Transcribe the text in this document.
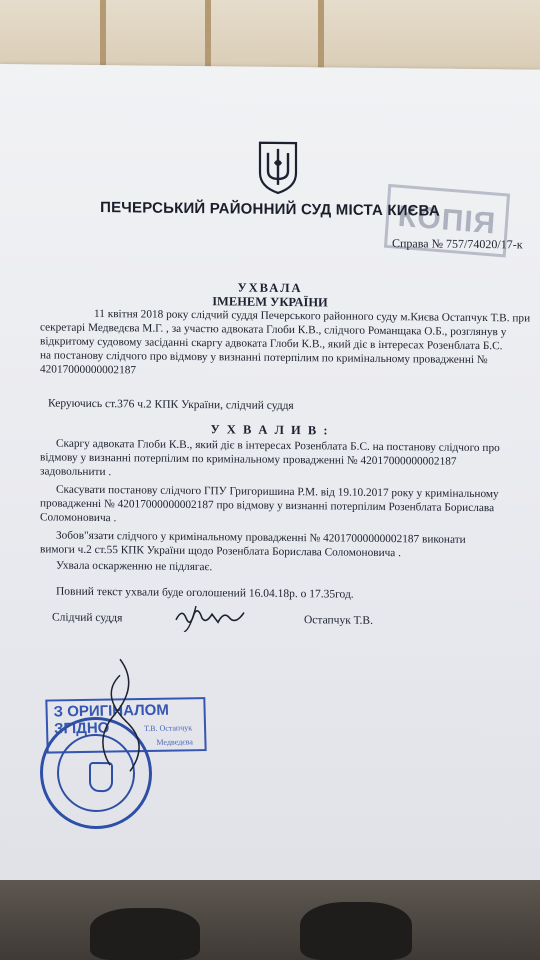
КОПІЯ
ПЕЧЕРСЬКИЙ РАЙОННИЙ СУД МІСТА КИЄВА
Справа № 757/74020/17-к
УХВАЛА
ІМЕНЕМ УКРАЇНИ
11 квітня 2018 року слідчий суддя Печерського районного суду м.Києва Остапчук Т.В. при
секретарі Медведєва М.Г. , за участю адвоката Глоби К.В., слідчого Романщака О.Б., розглянув у
відкритому судовому засіданні скаргу адвоката Глоби К.В., який діє в інтересах Розенблата Б.С.
на постанову слідчого про відмову у визнанні потерпілим по кримінальному провадженні №
42017000000002187
Керуючись ст.376 ч.2 КПК України, слідчий суддя
У Х В А Л И В :
Скаргу адвоката Глоби К.В., який діє в інтересах Розенблата Б.С. на постанову слідчого про
відмову у визнанні потерпілим по кримінальному провадженні № 42017000000002187
задовольнити .
Скасувати постанову слідчого ГПУ Григоришина Р.М. від 19.10.2017 року у кримінальному
провадженні № 42017000000002187 про відмову у визнанні потерпілим Розенблата Борислава
Соломоновича .
Зобов"язати слідчого у кримінальному провадженні № 42017000000002187 виконати
вимоги ч.2 ст.55 КПК України щодо Розенблата Борислава Соломоновича .
Ухвала оскарженню не підлягає.
Повний текст ухвали буде оголошений 16.04.18р. о 17.35год.
Слідчий суддя	Остапчук Т.В.
З ОРИГІНАЛОМ ЗГІДНО	Т.В. Остапчук
Медведєва
